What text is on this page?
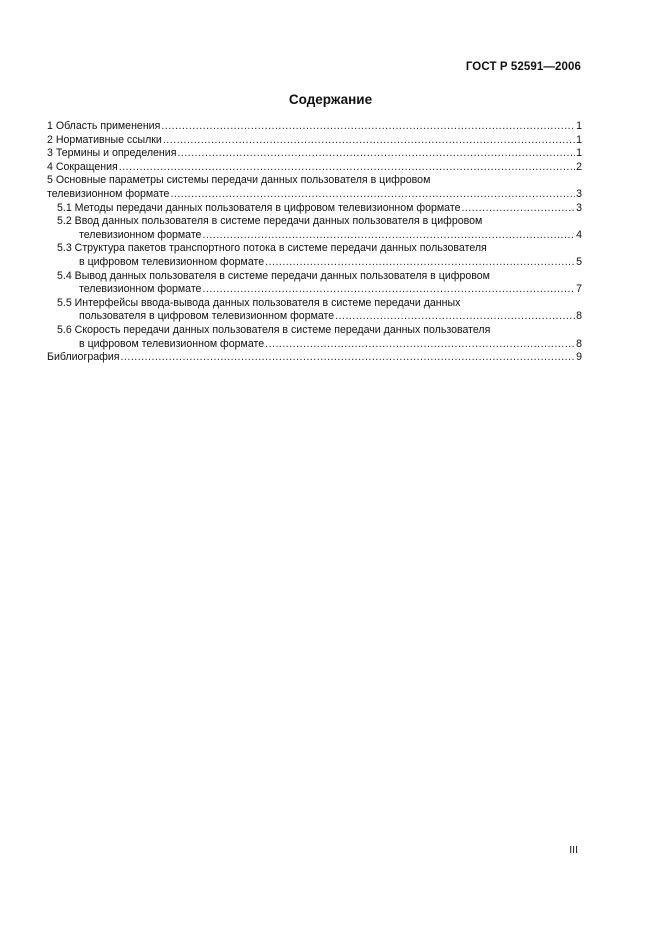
ГОСТ Р 52591—2006
Содержание
1 Область применения .....	1
2 Нормативные ссылки .....	1
3 Термины и определения .....	1
4 Сокращения .....	2
5 Основные параметры системы передачи данных пользователя в цифровом
телевизионном формате .....	3
5.1 Методы передачи данных пользователя в цифровом телевизионном формате .....	3
5.2 Ввод данных пользователя в системе передачи данных пользователя в цифровом
телевизионном формате .....	4
5.3 Структура пакетов транспортного потока в системе передачи данных пользователя
в цифровом телевизионном формате .....	5
5.4 Вывод данных пользователя в системе передачи данных пользователя в цифровом
телевизионном формате .....	7
5.5 Интерфейсы ввода-вывода данных пользователя в системе передачи данных
пользователя в цифровом телевизионном формате .....	8
5.6 Скорость передачи данных пользователя в системе передачи данных пользователя
в цифровом телевизионном формате .....	8
Библиография .....	9
III
